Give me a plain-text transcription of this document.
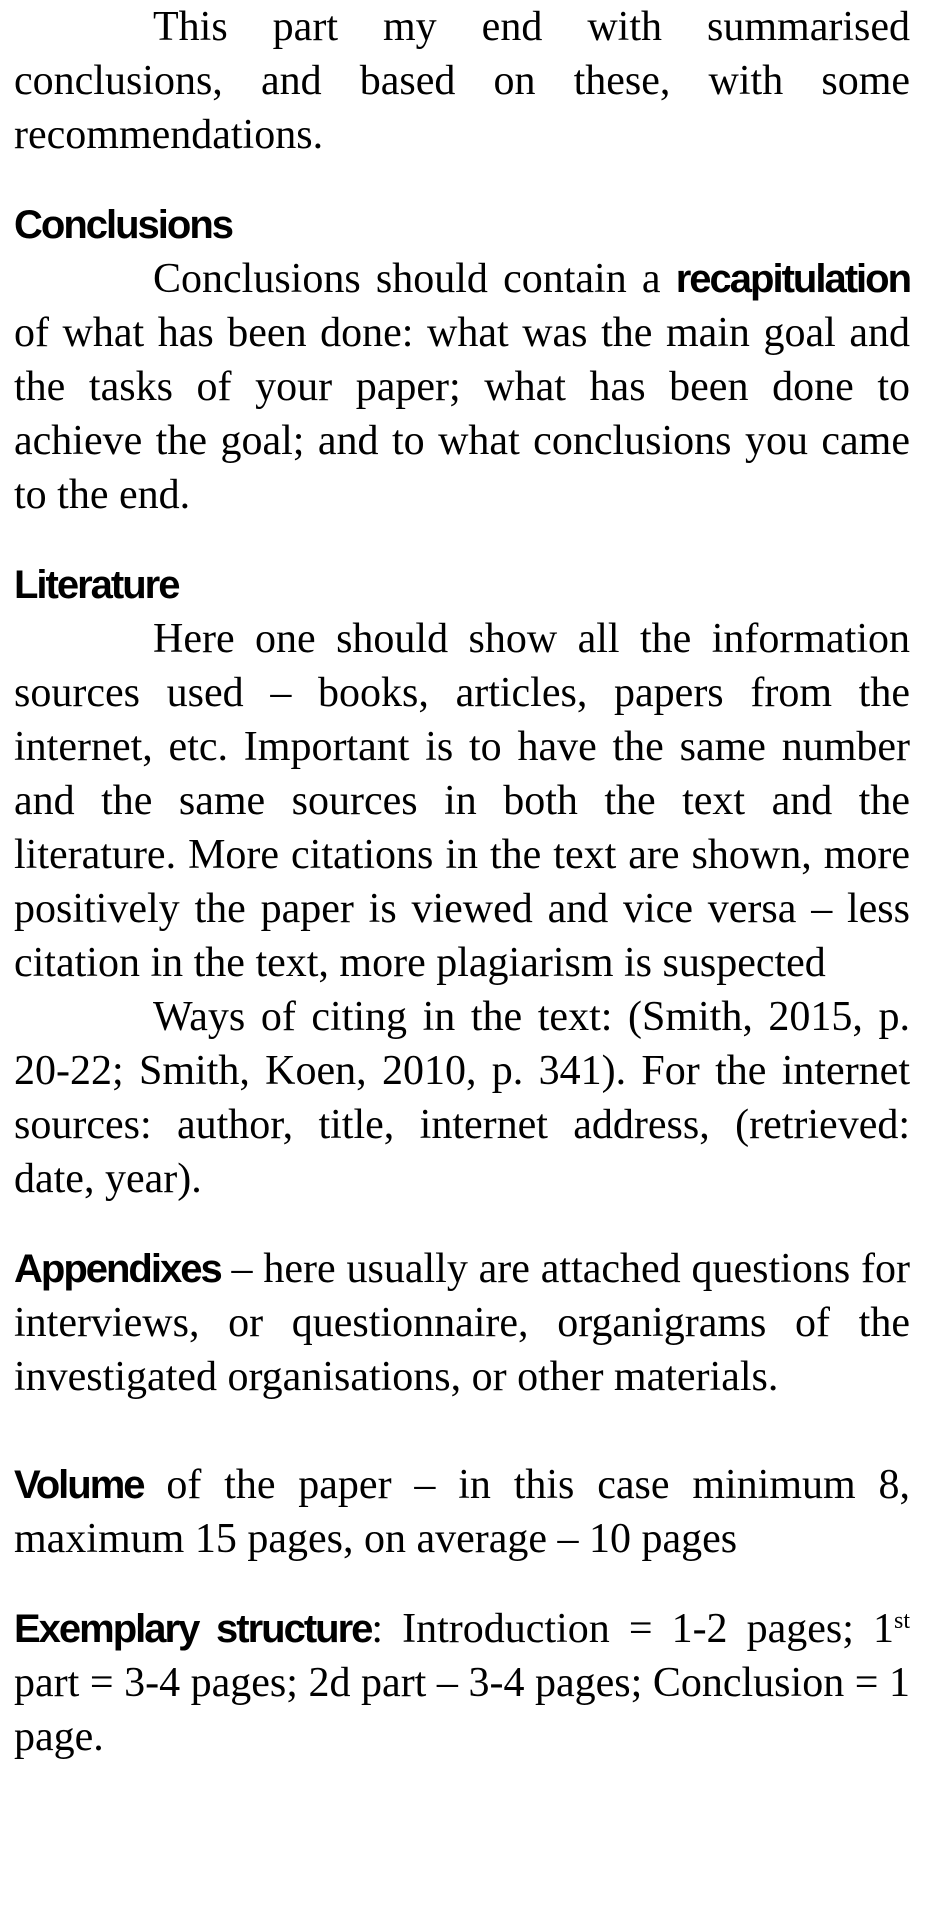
This part my end with summarised conclusions, and based on these, with some recommendations.

Conclusions

Conclusions should contain a recapitulation of what has been done: what was the main goal and the tasks of your paper; what has been done to achieve the goal; and to what conclusions you came to the end.

Literature

Here one should show all the information sources used – books, articles, papers from the internet, etc. Important is to have the same number and the same sources in both the text and the literature. More citations in the text are shown, more positively the paper is viewed and vice versa – less citation in the text, more plagiarism is suspected

Ways of citing in the text: (Smith, 2015, p. 20-22; Smith, Koen, 2010, p. 341). For the internet sources: author, title, internet address, (retrieved: date, year).

Appendixes – here usually are attached questions for interviews, or questionnaire, organigrams of the investigated organisations, or other materials.

Volume of the paper – in this case minimum 8, maximum 15 pages, on average – 10 pages

Exemplary structure: Introduction = 1-2 pages; 1st part = 3-4 pages; 2d part – 3-4 pages; Conclusion = 1 page.
